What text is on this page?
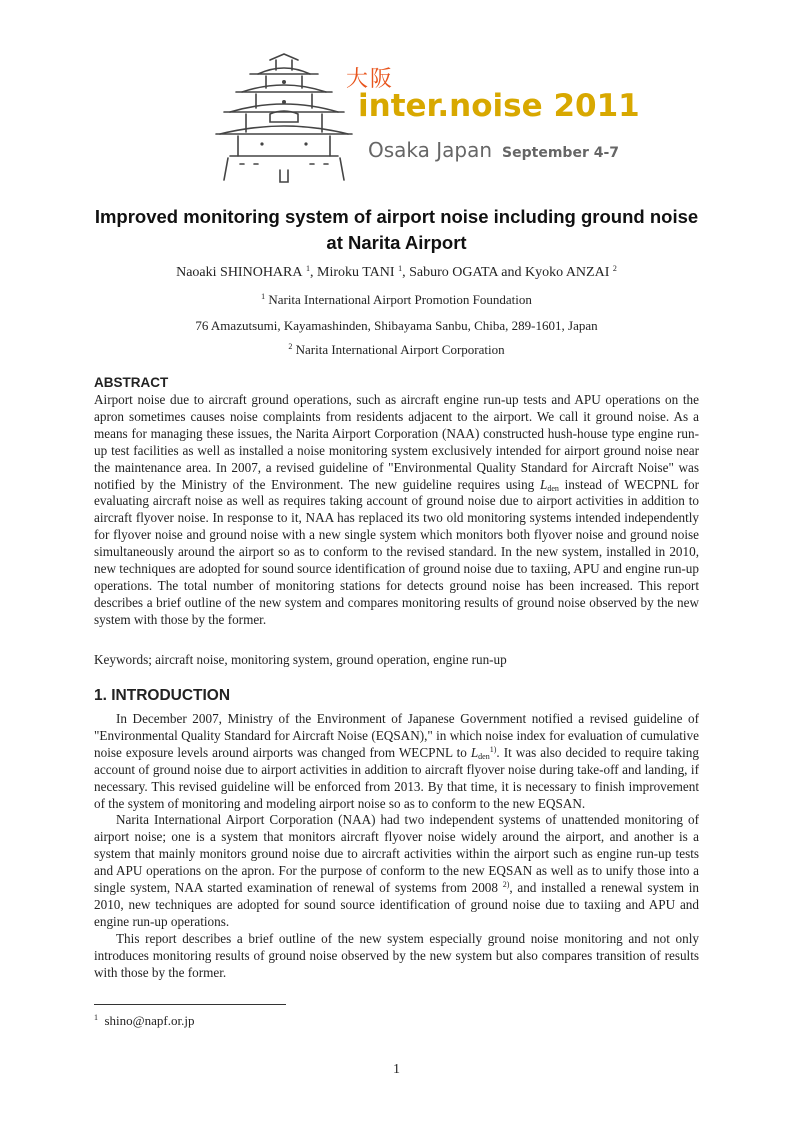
大阪
inter.noise 2011
Osaka Japan September 4-7
Improved monitoring system of airport noise including ground noise at Narita Airport
Naoaki SHINOHARA $^1$, Miroku TANI $^1$, Saburo OGATA and Kyoko ANZAI $^2$
$^1$ Narita International Airport Promotion Foundation
76 Amazutsumi, Kayamashinden, Shibayama Sanbu, Chiba, 289-1601, Japan
$^2$ Narita International Airport Corporation
ABSTRACT
Airport noise due to aircraft ground operations, such as aircraft engine run-up tests and APU operations on the apron sometimes causes noise complaints from residents adjacent to the airport. We call it ground noise. As a means for managing these issues, the Narita Airport Corporation (NAA) constructed hush-house type engine run-up test facilities as well as installed a noise monitoring system exclusively intended for airport ground noise near the maintenance area. In 2007, a revised guideline of "Environmental Quality Standard for Aircraft Noise" was notified by the Ministry of the Environment. The new guideline requires using $L_{den}$ instead of WECPNL for evaluating aircraft noise as well as requires taking account of ground noise due to airport activities in addition to aircraft flyover noise. In response to it, NAA has replaced its two old monitoring systems intended independently for flyover noise and ground noise with a new single system which monitors both flyover noise and ground noise simultaneously around the airport so as to conform to the revised standard. In the new system, installed in 2010, new techniques are adopted for sound source identification of ground noise due to taxiing, APU and engine run-up operations. The total number of monitoring stations for detects ground noise has been increased. This report describes a brief outline of the new system and compares monitoring results of ground noise observed by the new system with those by the former.
Keywords; aircraft noise, monitoring system, ground operation, engine run-up
1. INTRODUCTION

In December 2007, Ministry of the Environment of Japanese Government notified a revised guideline of "Environmental Quality Standard for Aircraft Noise (EQSAN)," in which noise index for evaluation of cumulative noise exposure levels around airports was changed from WECPNL to $L_{den}^{1)}$. It was also decided to require taking account of ground noise due to airport activities in addition to aircraft flyover noise during take-off and landing, if necessary. This revised guideline will be enforced from 2013. By that time, it is necessary to finish improvement of the system of monitoring and modeling airport noise so as to conform to the new EQSAN.

Narita International Airport Corporation (NAA) had two independent systems of unattended monitoring of airport noise; one is a system that monitors aircraft flyover noise widely around the airport, and another is a system that mainly monitors ground noise due to aircraft activities within the airport such as engine run-up tests and APU operations on the apron. For the purpose of conform to the new EQSAN as well as to unify those into a single system, NAA started examination of renewal of systems from 2008 $^{2)}$, and installed a renewal system in 2010, new techniques are adopted for sound source identification of ground noise due to taxiing and APU and engine run-up operations.

This report describes a brief outline of the new system especially ground noise monitoring and not only introduces monitoring results of ground noise observed by the new system but also compares transition of results with those by the former.

$^1$ shino@napf.or.jp
1
